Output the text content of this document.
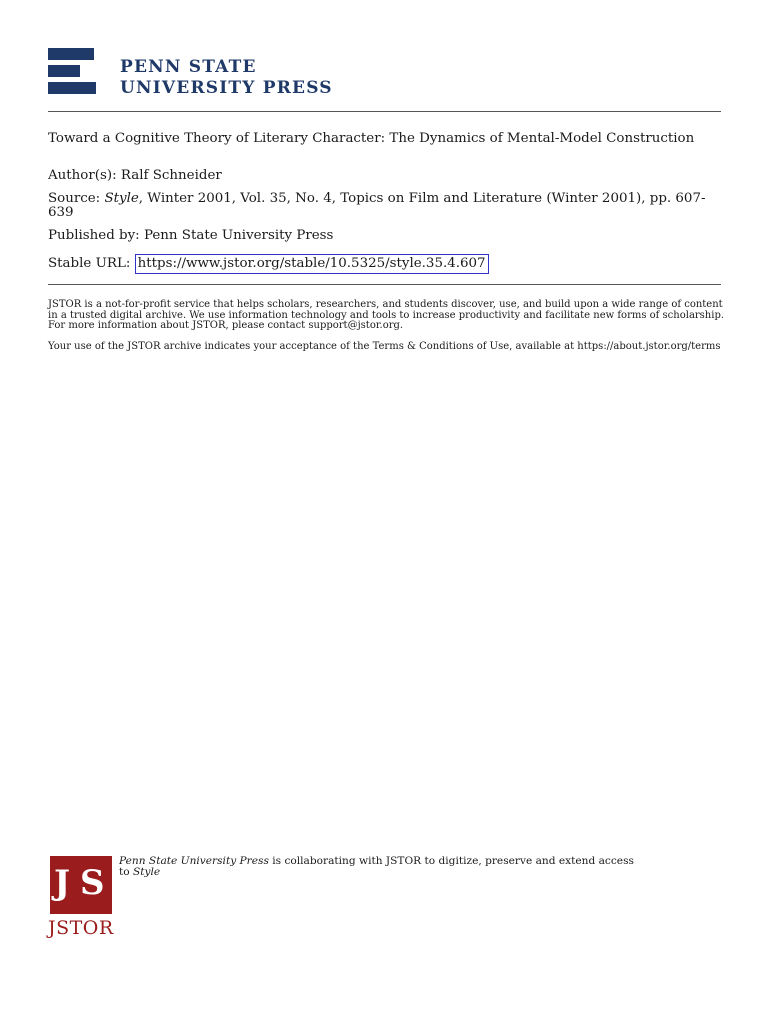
PENN STATE
UNIVERSITY PRESS
Toward a Cognitive Theory of Literary Character: The Dynamics of Mental-Model Construction
Author(s): Ralf Schneider
Source: Style, Winter 2001, Vol. 35, No. 4, Topics on Film and Literature (Winter 2001), pp. 607-639
Published by: Penn State University Press
Stable URL: https://www.jstor.org/stable/10.5325/style.35.4.607

JSTOR is a not-for-profit service that helps scholars, researchers, and students discover, use, and build upon a wide range of content in a trusted digital archive. We use information technology and tools to increase productivity and facilitate new forms of scholarship. For more information about JSTOR, please contact support@jstor.org.

Your use of the JSTOR archive indicates your acceptance of the Terms & Conditions of Use, available at https://about.jstor.org/terms

J S
JSTOR
Penn State University Press is collaborating with JSTOR to digitize, preserve and extend access
to Style
